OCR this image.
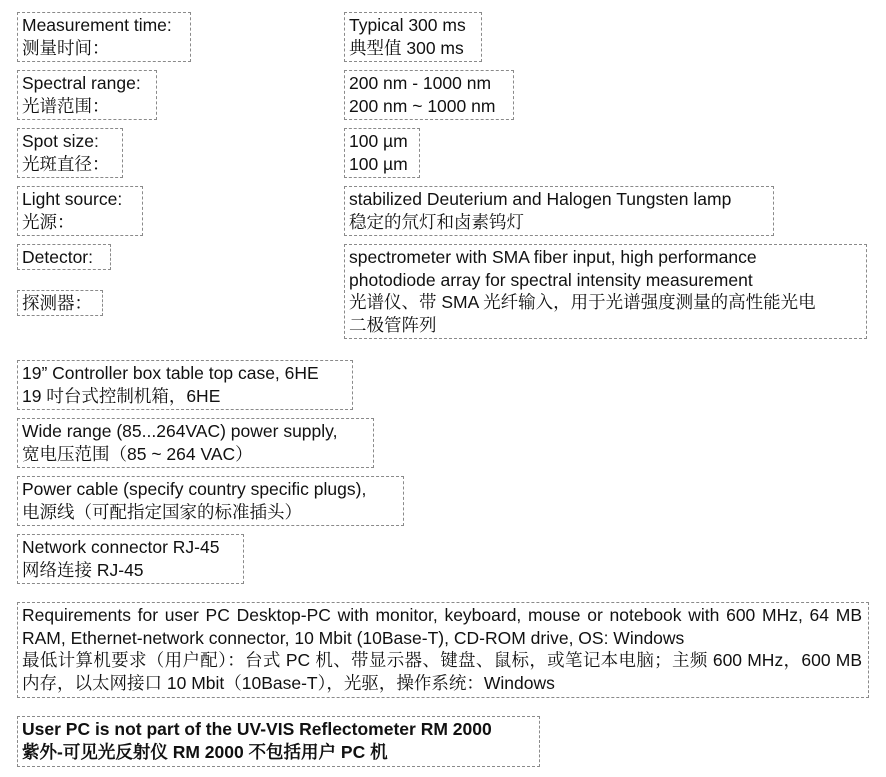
Measurement time:
测量时间：
Typical 300 ms
典型值 300 ms
Spectral range:
光谱范围：
200 nm - 1000 nm
200 nm ~ 1000 nm
Spot size:
光斑直径：
100 µm
100 µm
Light source:
光源：
stabilized Deuterium and Halogen Tungsten lamp
稳定的氘灯和卤素钨灯
Detector:
探测器：
spectrometer with SMA fiber input, high performance
photodiode array for spectral intensity measurement
光谱仪、带 SMA 光纤输入，用于光谱强度测量的高性能光电
二极管阵列
19” Controller box table top case, 6HE
19 吋台式控制机箱，6HE
Wide range (85...264VAC) power supply,
宽电压范围（85 ~ 264 VAC）
Power cable (specify country specific plugs),
电源线（可配指定国家的标准插头）
Network connector RJ-45
网络连接 RJ-45
Requirements for user PC Desktop-PC with monitor, keyboard, mouse or notebook with 600 MHz, 64 MB RAM, Ethernet-network connector, 10 Mbit (10Base-T), CD-ROM drive, OS: Windows
最低计算机要求（用户配）：台式 PC 机、带显示器、键盘、鼠标，或笔记本电脑；主频 600 MHz，600 MB 内存，以太网接口 10 Mbit（10Base-T），光驱，操作系统：Windows
User PC is not part of the UV-VIS Reflectometer RM 2000
紫外-可见光反射仪 RM 2000 不包括用户 PC 机
